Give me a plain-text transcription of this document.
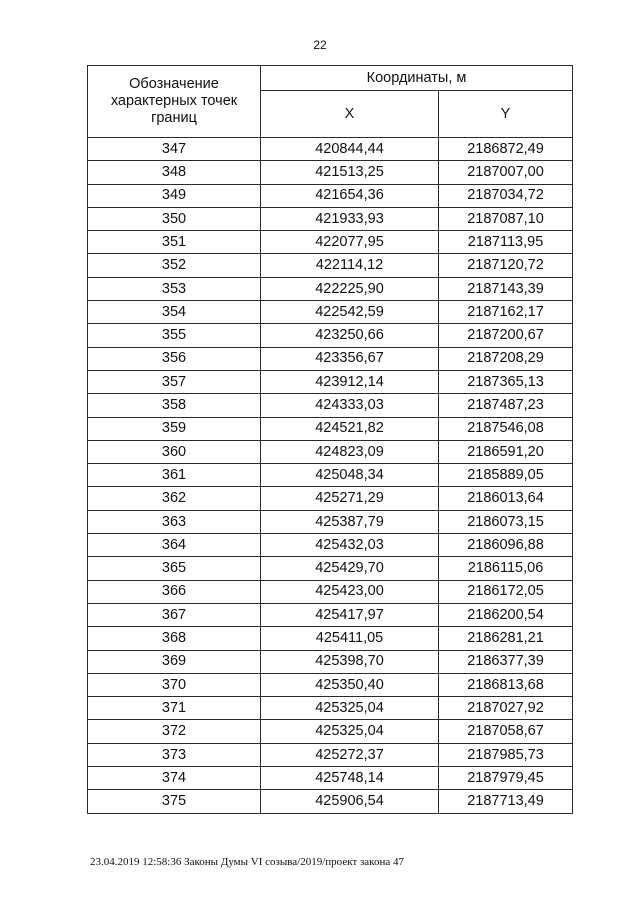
22
Обозначение характерных точек границ	Координаты, м	
	X	Y
347	420844,44	2186872,49
348	421513,25	2187007,00
349	421654,36	2187034,72
350	421933,93	2187087,10
351	422077,95	2187113,95
352	422114,12	2187120,72
353	422225,90	2187143,39
354	422542,59	2187162,17
355	423250,66	2187200,67
356	423356,67	2187208,29
357	423912,14	2187365,13
358	424333,03	2187487,23
359	424521,82	2187546,08
360	424823,09	2186591,20
361	425048,34	2185889,05
362	425271,29	2186013,64
363	425387,79	2186073,15
364	425432,03	2186096,88
365	425429,70	2186115,06
366	425423,00	2186172,05
367	425417,97	2186200,54
368	425411,05	2186281,21
369	425398,70	2186377,39
370	425350,40	2186813,68
371	425325,04	2187027,92
372	425325,04	2187058,67
373	425272,37	2187985,73
374	425748,14	2187979,45
375	425906,54	2187713,49
23.04.2019 12:58:36 Законы Думы VI созыва/2019/проект закона 47
